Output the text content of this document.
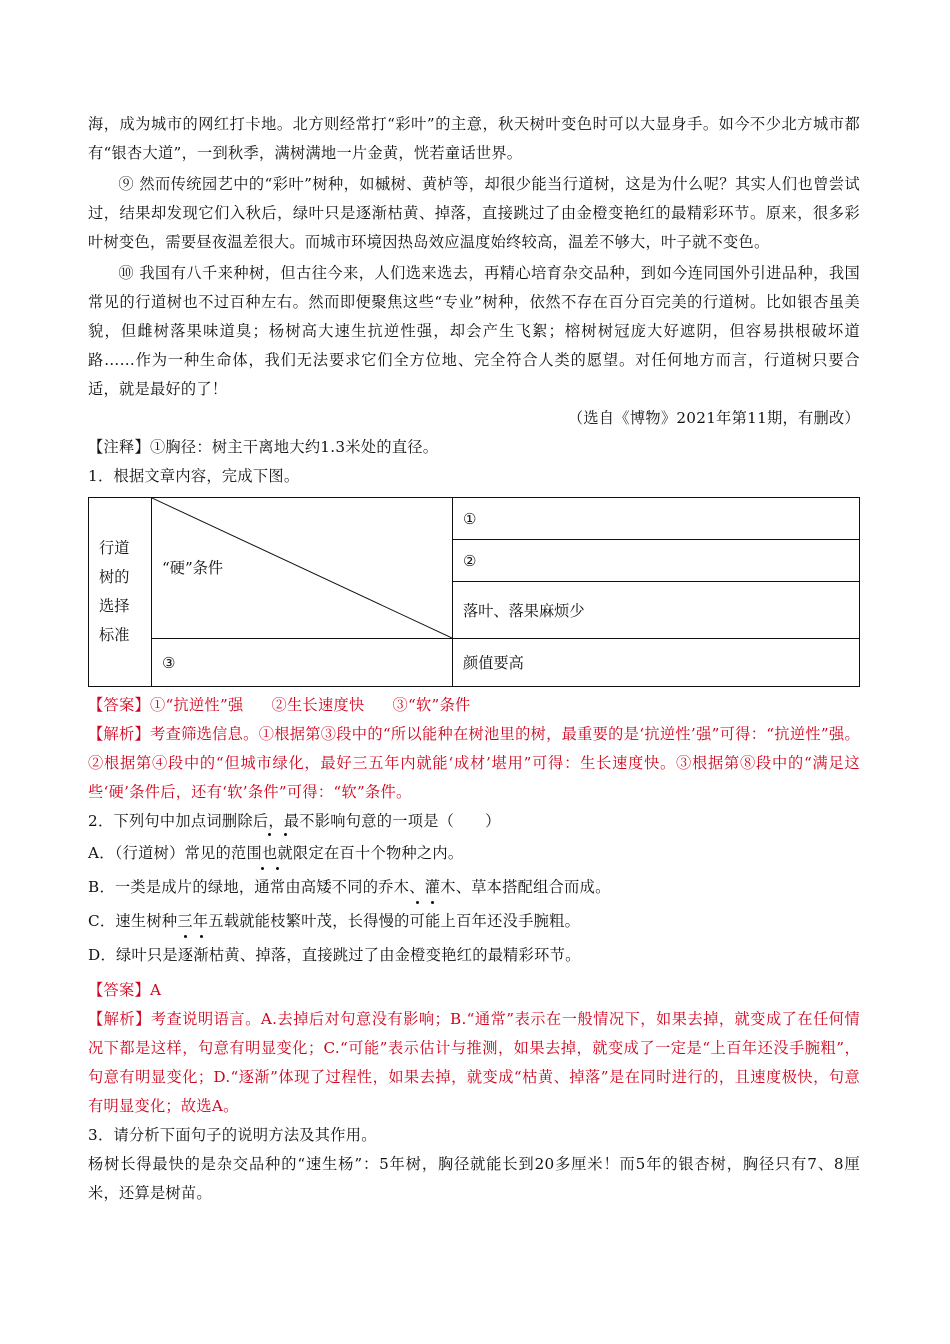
海，成为城市的网红打卡地。北方则经常打“彩叶”的主意，秋天树叶变色时可以大显身手。如今不少北方城市都有“银杏大道”，一到秋季，满树满地一片金黄，恍若童话世界。

⑨ 然而传统园艺中的“彩叶”树种，如槭树、黄栌等，却很少能当行道树，这是为什么呢？其实人们也曾尝试过，结果却发现它们入秋后，绿叶只是逐渐枯黄、掉落，直接跳过了由金橙变艳红的最精彩环节。原来，很多彩叶树变色，需要昼夜温差很大。而城市环境因热岛效应温度始终较高，温差不够大，叶子就不变色。

⑩ 我国有八千来种树，但古往今来，人们选来选去，再精心培育杂交品种，到如今连同国外引进品种，我国常见的行道树也不过百种左右。然而即便聚焦这些“专业”树种，依然不存在百分百完美的行道树。比如银杏虽美貌，但雌树落果味道臭；杨树高大速生抗逆性强，却会产生飞絮；榕树树冠庞大好遮阴，但容易拱根破坏道路……作为一种生命体，我们无法要求它们全方位地、完全符合人类的愿望。对任何地方而言，行道树只要合适，就是最好的了！

（选自《博物》2021年第11期，有删改）

【注释】①胸径：树主干离地大约1.3米处的直径。

1．根据文章内容，完成下图。

行道树的选择标准	“硬”条件	①
		②
		落叶、落果麻烦少
	③	颜值要高

【答案】①“抗逆性”强 ②生长速度快 ③“软”条件

【解析】考查筛选信息。①根据第③段中的“所以能种在树池里的树，最重要的是‘抗逆性’强”可得：“抗逆性”强。②根据第④段中的“但城市绿化，最好三五年内就能‘成材’堪用”可得：生长速度快。③根据第⑧段中的“满足这些‘硬’条件后，还有‘软’条件”可得：“软”条件。

2．下列句中加点词删除后，最不影响句意的一项是（　　）

A．（行道树）常见的范围也就限定在百十个物种之内。

B．一类是成片的绿地，通常由高矮不同的乔木、灌木、草本搭配组合而成。

C．速生树种三年五载就能枝繁叶茂，长得慢的可能上百年还没手腕粗。

D．绿叶只是逐渐枯黄、掉落，直接跳过了由金橙变艳红的最精彩环节。

【答案】A

【解析】考查说明语言。A.去掉后对句意没有影响；B.“通常”表示在一般情况下，如果去掉，就变成了在任何情况下都是这样，句意有明显变化；C.“可能”表示估计与推测，如果去掉，就变成了一定是“上百年还没手腕粗”，句意有明显变化；D.“逐渐”体现了过程性，如果去掉，就变成“枯黄、掉落”是在同时进行的，且速度极快，句意有明显变化；故选A。

3．请分析下面句子的说明方法及其作用。

杨树长得最快的是杂交品种的“速生杨”：5年树，胸径就能长到20多厘米！而5年的银杏树，胸径只有7、8厘米，还算是树苗。
